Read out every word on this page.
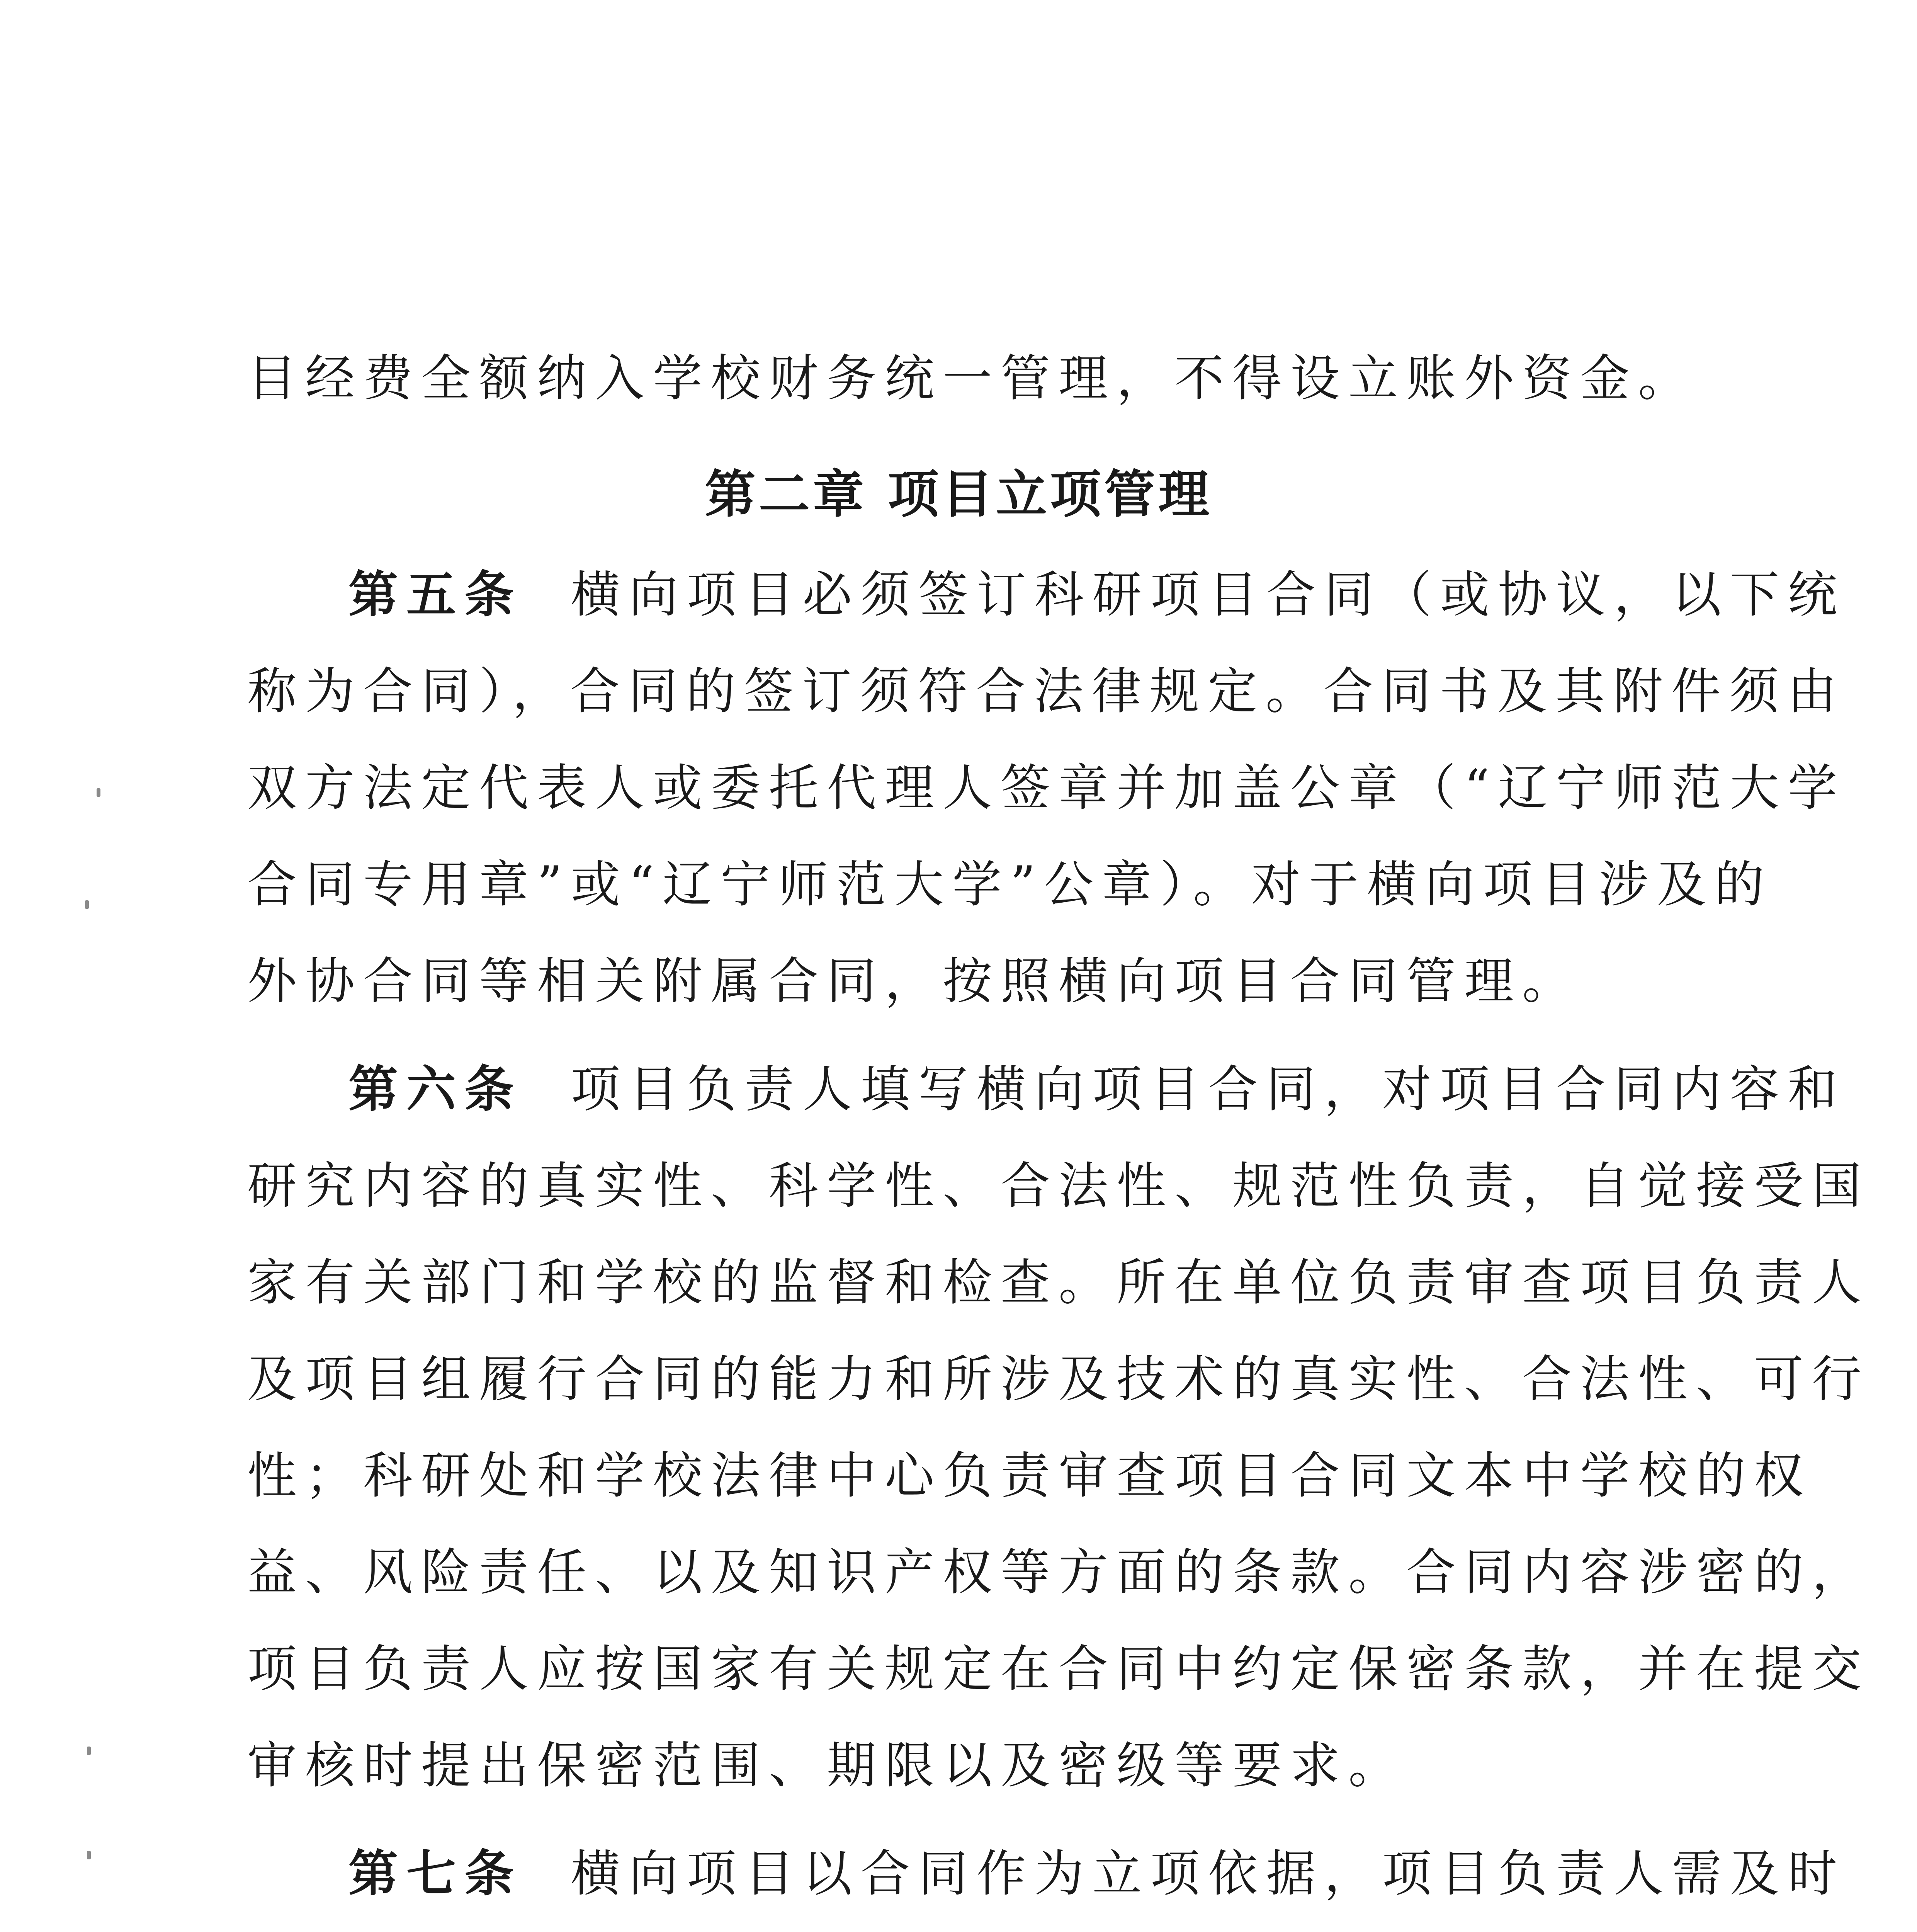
目经费全额纳入学校财务统一管理，不得设立账外资金。
第二章 项目立项管理
第五条 横向项目必须签订科研项目合同（或协议，以下统
称为合同），合同的签订须符合法律规定。合同书及其附件须由
双方法定代表人或委托代理人签章并加盖公章（“辽宁师范大学
合同专用章”或“辽宁师范大学”公章）。对于横向项目涉及的
外协合同等相关附属合同，按照横向项目合同管理。
第六条 项目负责人填写横向项目合同，对项目合同内容和
研究内容的真实性、科学性、合法性、规范性负责，自觉接受国
家有关部门和学校的监督和检查。所在单位负责审查项目负责人
及项目组履行合同的能力和所涉及技术的真实性、合法性、可行
性；科研处和学校法律中心负责审查项目合同文本中学校的权
益、风险责任、以及知识产权等方面的条款。合同内容涉密的，
项目负责人应按国家有关规定在合同中约定保密条款，并在提交
审核时提出保密范围、期限以及密级等要求。
第七条 横向项目以合同作为立项依据，项目负责人需及时
